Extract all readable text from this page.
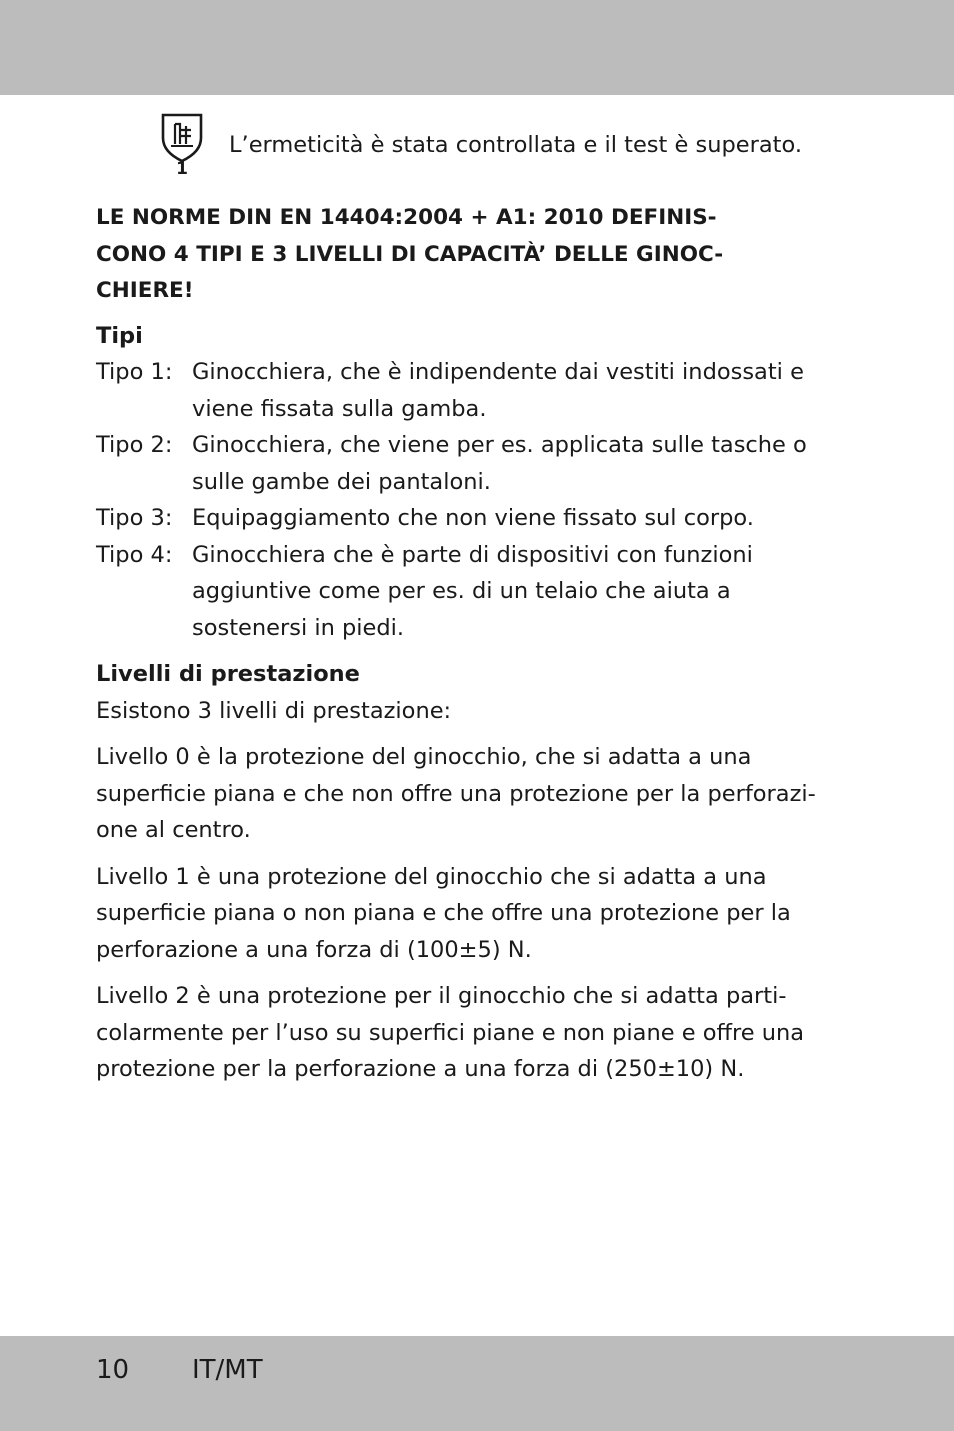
1
L’ermeticità è stata controllata e il test è superato.
LE NORME DIN EN 14404:2004 + A1: 2010 DEFINIS-
CONO 4 TIPI E 3 LIVELLI DI CAPACITÀ’ DELLE GINOC-
CHIERE!
Tipi
Tipo 1: Ginocchiera, che è indipendente dai vestiti indossati e
viene fissata sulla gamba.
Tipo 2: Ginocchiera, che viene per es. applicata sulle tasche o
sulle gambe dei pantaloni.
Tipo 3: Equipaggiamento che non viene fissato sul corpo.
Tipo 4: Ginocchiera che è parte di dispositivi con funzioni
aggiuntive come per es. di un telaio che aiuta a
sostenersi in piedi.
Livelli di prestazione

Esistono 3 livelli di prestazione:

Livello 0 è la protezione del ginocchio, che si adatta a una
superficie piana e che non offre una protezione per la perforazi-
one al centro.

Livello 1 è una protezione del ginocchio che si adatta a una
superficie piana o non piana e che offre una protezione per la
perforazione a una forza di (100±5) N.

Livello 2 è una protezione per il ginocchio che si adatta parti-
colarmente per l’uso su superfici piane e non piane e offre una
protezione per la perforazione a una forza di (250±10) N.

10 IT/MT
